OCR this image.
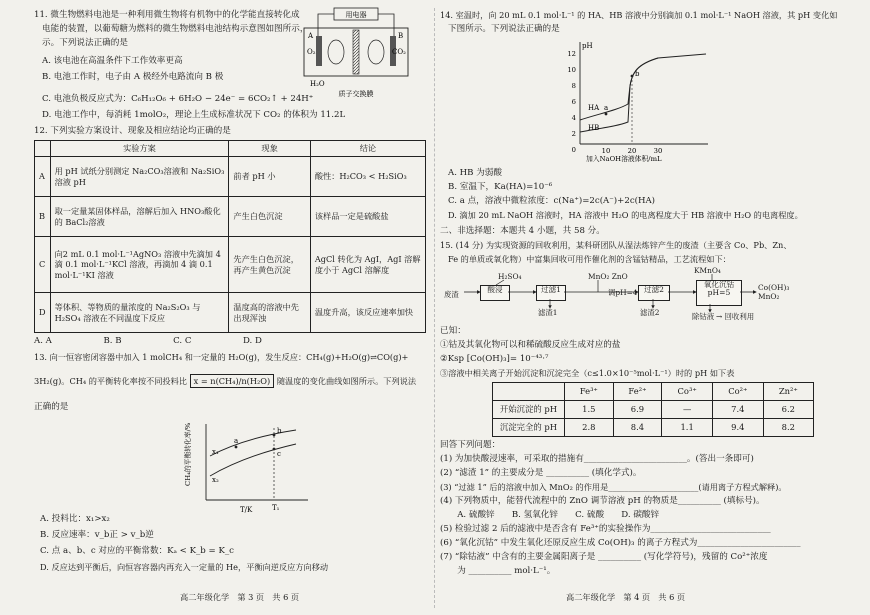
11. 微生物燃料电池是一种利用微生物将有机物中的化学能直接转化成
电能的装置，以葡萄糖为燃料的微生物燃料电池结构示意图如图所示，
示。下列说法正确的是
用电器
A	B
O₂	CO₂
H₂O
质子交换膜
A. 该电池在高温条件下工作效率更高
B. 电池工作时，电子由 A 极经外电路流向 B 极
C. 电池负极反应式为：C₆H₁₂O₆ + 6H₂O − 24e⁻ = 6CO₂↑ + 24H⁺
D. 电池工作中，每消耗 1molO₂，理论上生成标准状况下 CO₂ 的体积为 11.2L
12. 下列实验方案设计、现象及相应结论均正确的是
	实验方案	现象	结论
A	用 pH 试纸分别测定 Na₂CO₃溶液和 Na₂SiO₃溶液 pH	前者 pH 小	酸性：H₂CO₃ < H₂SiO₃
B	取一定量某固体样品，溶解后加入 HNO₃酸化的 BaCl₂溶液	产生白色沉淀	该样品一定是硫酸盐
C	向2 mL 0.1 mol·L⁻¹AgNO₃ 溶液中先滴加 4 滴 0.1 mol·L⁻¹KCl 溶液，再滴加 4 滴 0.1 mol·L⁻¹KI 溶液	先产生白色沉淀，再产生黄色沉淀	AgCl 转化为 AgI，AgI 溶解度小于 AgCl 溶解度
D	等体积、等物质的量浓度的 Na₂S₂O₃ 与 H₂SO₄ 溶液在不同温度下反应	温度高的溶液中先出现浑浊	温度升高，该反应速率加快
A. A　　　　　　B. B　　　　　　C. C　　　　　　D. D
13. 向一恒容密闭容器中加入 1 molCH₄ 和一定量的 H₂O(g)，发生反应：CH₄(g)+H₂O(g)⇌CO(g)+
3H₂(g)。CH₄ 的平衡转化率按不同投料比 x = n(CH₄)/n(H₂O) 随温度的变化曲线如图所示。下列说法
正确的是
CH₄的平衡转化率/%
T/K	T₁
x₁
x₂
a
b
c
A. 投料比：x₁>x₂
B. 反应速率：v_b正 > v_b逆
C. 点 a、b、c 对应的平衡常数：Kₐ < K_b = K_c
D. 反应达到平衡后，向恒容容器内再充入一定量的 He，平衡向逆反应方向移动
高二年级化学　第 3 页　共 6 页
14. 室温时，向 20 mL 0.1 mol·L⁻¹ 的 HA、HB 溶液中分别滴加 0.1 mol·L⁻¹ NaOH 溶液，其 pH 变化如
下图所示。下列说法正确的是
12
10
8
6
4
2
0	10	20	30
pH
HA
HB
a
b
加入NaOH溶液体积/mL
A. HB 为弱酸
B. 室温下，Ka(HA)=10⁻⁶
C. a 点，溶液中微粒浓度：c(Na⁺)=2c(A⁻)+2c(HA)
D. 滴加 20 mL NaOH 溶液时，HA 溶液中 H₂O 的电离程度大于 HB 溶液中 H₂O 的电离程度。
二、非选择题：本题共 4 小题，共 58 分。
15. (14 分) 为实现资源的回收利用，某科研团队从湿法炼锌产生的废渣（主要含 Co、Pb、Zn、
Fe 的单质或氧化物）中富集回收可用作催化剂的含锰钴精品，工艺流程如下：
H₂SO₄	MnO₂ ZnO
KMnO₄
废渣
酸浸	过滤1	调pH=4 过滤2
氧化沉钴
pH=5
Co(OH)₃
MnO₂
滤渣1	滤渣2	除钴液 → 回收利用
已知：
①钴及其氧化物可以和稀硫酸反应生成对应的盐
②Ksp [Co(OH)₃]= 10⁻⁴³·⁷
③溶液中相关离子开始沉淀和沉淀完全（c≤1.0×10⁻⁵mol·L⁻¹）时的 pH 如下表
	Fe³⁺	Fe²⁺	Co³⁺	Co²⁺	Zn²⁺
开始沉淀的 pH	1.5	6.9	—	7.4	6.2
沉淀完全的 pH	2.8	8.4	1.1	9.4	8.2
回答下列问题：
(1) 为加快酸浸速率，可采取的措施有________________________。(答出一条即可)
(2) “滤渣 1” 的主要成分是 __________ (填化学式)。
(3) “过滤 1” 后的溶液中加入 MnO₂ 的作用是______________________(请用离子方程式解释)。
(4) 下列物质中，能替代流程中的 ZnO 调节溶液 pH 的物质是__________ (填标号)。
　　A. 硫酸锌　　B. 氢氧化锌　　C. 硫酸　　D. 碳酸锌
(5) 检验过滤 2 后的滤液中是否含有 Fe³⁺的实验操作为____________________________
(6) “氧化沉钴” 中发生氧化还原反应生成 Co(OH)₃ 的离子方程式为________________________
(7) “除钴液” 中含有的主要金属阳离子是 __________ (写化学符号)，残留的 Co²⁺浓度
　　为 __________ mol·L⁻¹。
高二年级化学　第 4 页　共 6 页
